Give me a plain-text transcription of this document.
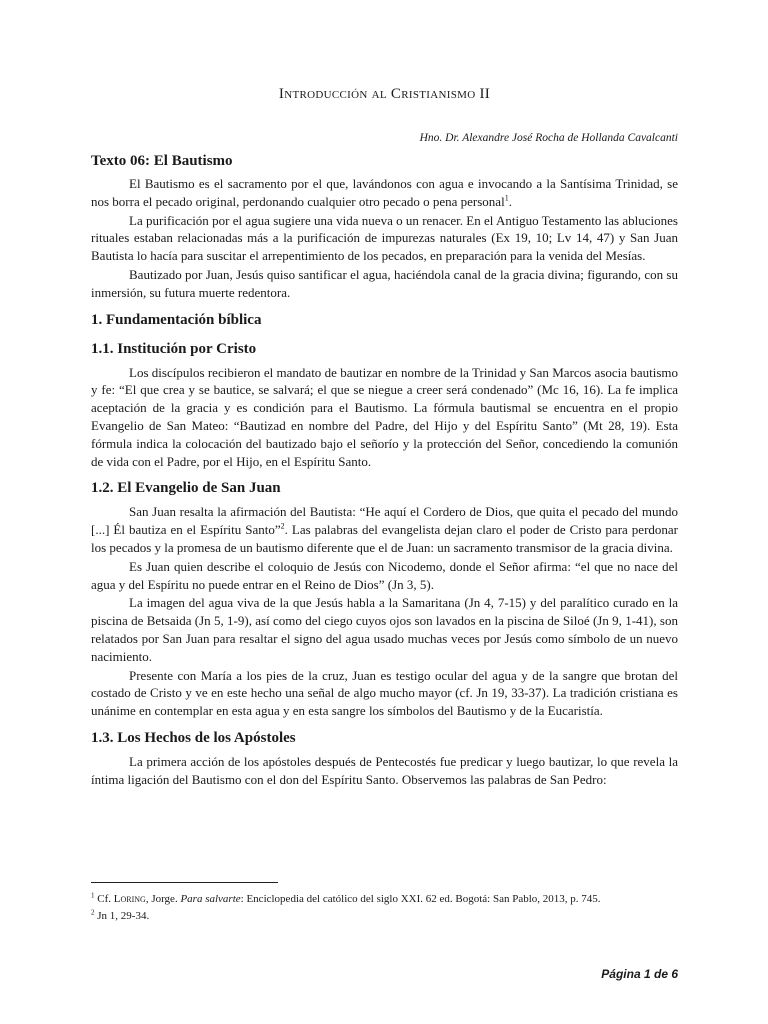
Introducción al Cristianismo II
Hno. Dr. Alexandre José Rocha de Hollanda Cavalcanti
Texto 06: El Bautismo

El Bautismo es el sacramento por el que, lavándonos con agua e invocando a la Santísima Trinidad, se nos borra el pecado original, perdonando cualquier otro pecado o pena personal$^1$.

La purificación por el agua sugiere una vida nueva o un renacer. En el Antiguo Testamento las abluciones rituales estaban relacionadas más a la purificación de impurezas naturales (Ex 19, 10; Lv 14, 47) y San Juan Bautista lo hacía para suscitar el arrepentimiento de los pecados, en preparación para la venida del Mesías.

Bautizado por Juan, Jesús quiso santificar el agua, haciéndola canal de la gracia divina; figurando, con su inmersión, su futura muerte redentora.

1. Fundamentación bíblica
1.1. Institución por Cristo

Los discípulos recibieron el mandato de bautizar en nombre de la Trinidad y San Marcos asocia bautismo y fe: “El que crea y se bautice, se salvará; el que se niegue a creer será condenado” (Mc 16, 16). La fe implica aceptación de la gracia y es condición para el Bautismo. La fórmula bautismal se encuentra en el propio Evangelio de San Mateo: “Bautizad en nombre del Padre, del Hijo y del Espíritu Santo” (Mt 28, 19). Esta fórmula indica la colocación del bautizado bajo el señorío y la protección del Señor, concediendo la comunión de vida con el Padre, por el Hijo, en el Espíritu Santo.

1.2. El Evangelio de San Juan

San Juan resalta la afirmación del Bautista: “He aquí el Cordero de Dios, que quita el pecado del mundo [...] Él bautiza en el Espíritu Santo”$^2$. Las palabras del evangelista dejan claro el poder de Cristo para perdonar los pecados y la promesa de un bautismo diferente que el de Juan: un sacramento transmisor de la gracia divina.

Es Juan quien describe el coloquio de Jesús con Nicodemo, donde el Señor afirma: “el que no nace del agua y del Espíritu no puede entrar en el Reino de Dios” (Jn 3, 5).

La imagen del agua viva de la que Jesús habla a la Samaritana (Jn 4, 7-15) y del paralítico curado en la piscina de Betsaida (Jn 5, 1-9), así como del ciego cuyos ojos son lavados en la piscina de Siloé (Jn 9, 1-41), son relatados por San Juan para resaltar el signo del agua usado muchas veces por Jesús como símbolo de un nuevo nacimiento.

Presente con María a los pies de la cruz, Juan es testigo ocular del agua y de la sangre que brotan del costado de Cristo y ve en este hecho una señal de algo mucho mayor (cf. Jn 19, 33-37). La tradición cristiana es unánime en contemplar en esta agua y en esta sangre los símbolos del Bautismo y de la Eucaristía.

1.3. Los Hechos de los Apóstoles

La primera acción de los apóstoles después de Pentecostés fue predicar y luego bautizar, lo que revela la íntima ligación del Bautismo con el don del Espíritu Santo. Observemos las palabras de San Pedro:

$^1$ Cf. Loring, Jorge. Para salvarte: Enciclopedia del católico del siglo XXI. 62 ed. Bogotá: San Pablo, 2013, p. 745.
$^2$ Jn 1, 29-34.
Página 1 de 6
